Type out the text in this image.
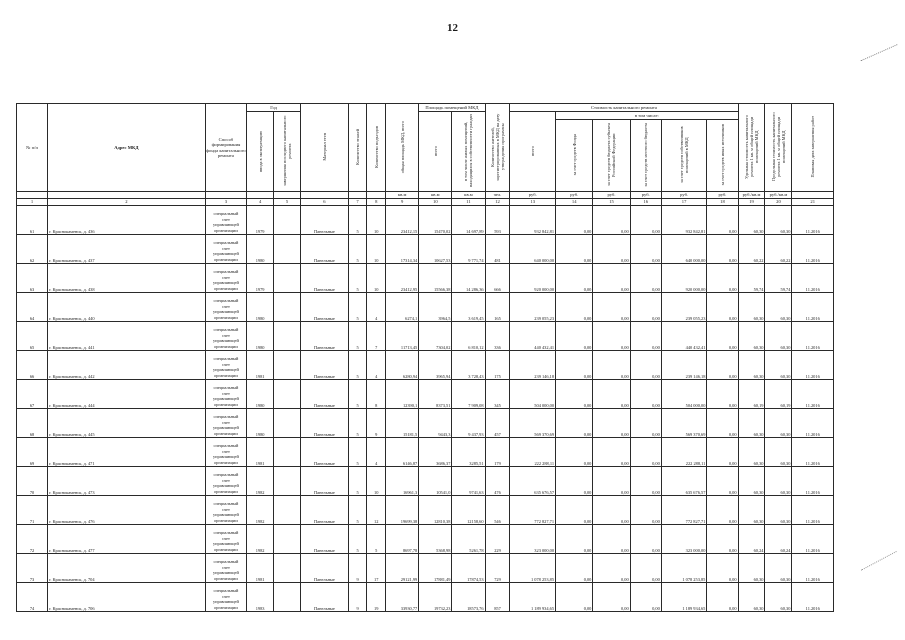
12
№ п/п	Адрес МКД	Способ формирования фонда капитального ремонта	Год		Материал стен	Количество этажей	Количество подъездов	общая площадь МКД, всего	Площадь помещений МКД		Количество жителей, зарегистрированных в МКД на дату утверждения программы	Стоимость капитального ремонта						Удельная стоимость капитального ремонта 1 кв. м общей площади помещений МКД	Предельная стоимость капитального ремонта 1 кв. м общей площади помещений МКД	Плановая дата завершения работ
			ввода в эксплуатацию	завершения последнего капитального ремонта					всего	в том числе жилых помещений, находящихся в собственности граждан		всего	в том числе:							
													за счет средств Фонда	за счет средств бюджета субъекта Российской Федерации	за счет средств местного бюджета	за счет средств собственников помещений в МКД	за счет средств иных источников			
								кв.м	кв.м	кв.м	чел.	руб.	руб.	руб.	руб.	руб.	руб.	руб./кв.м	руб./кв.м	
1	2	3	4	5	6	7	8	9	10	11	12	13	14	15	16	17	18	19	20	21
61	г. Краснокаменск, д. 436	специальный
счет
управляющей
организации	1979		Панельные	5	10	23412,15	15470,02	14 697,89	593	932 842,81	0,00	0,00	0,00	932 842,81	0,00	60,30	60,30	11.2016
62	г. Краснокаменск, д. 437	специальный
счет
управляющей
организации	1980		Панельные	5	10	17314,34	10627,53	9 771,74	481	640 000,00	0,00	0,00	0,00	640 000,00	0,00	60,22	60,22	11.2016
63	г. Краснокаменск, д. 438	специальный
счет
управляющей
организации	1979		Панельные	5	10	23412,95	15566,38	14 286,36	666	920 000,00	0,00	0,00	0,00	920 000,00	0,00	59,74	59,74	11.2016
64	г. Краснокаменск, д. 440	специальный
счет
управляющей
организации	1980		Панельные	5	4	6274,1	3964,5	3 619,45	165	239 055,23	0,00	0,00	0,00	239 055,23	0,00	60,30	60,30	11.2016
65	г. Краснокаменск, д. 441	специальный
счет
управляющей
организации	1980		Панельные	5	7	11713,45	7304,02	6 810,12	336	440 432,41	0,00	0,00	0,00	440 432,41	0,00	60,30	60,30	11.2016
66	г. Краснокаменск, д. 442	специальный
счет
управляющей
организации	1981		Панельные	5	4	6280,94	3965,94	3 728,43	175	239 146,18	0,00	0,00	0,00	239 146,18	0,00	60,30	60,30	11.2016
67	г. Краснокаменск, д. 444	специальный
счет
управляющей
организации	1980		Панельные	5	8	12390,1	8373,51	7 909,08	345	504 000,00	0,00	0,00	0,00	504 000,00	0,00	60,19	60,19	11.2016
68	г. Краснокаменск, д. 445	специальный
счет
управляющей
организации	1980		Панельные	5	9	15181,5	9443,3	9 437,93	457	569 370,69	0,00	0,00	0,00	569 370,69	0,00	60,30	60,30	11.2016
69	г. Краснокаменск, д. 471	специальный
счет
управляющей
организации	1981		Панельные	5	4	6146,87	3686,37	3285,51	179	222 288,11	0,00	0,00	0,00	222 288,11	0,00	60,30	60,30	11.2016
70	г. Краснокаменск, д. 473	специальный
счет
управляющей
организации	1982		Панельные	5	10	16961,3	10541,0	9741,63	476	635 676,57	0,00	0,00	0,00	635 676,57	0,00	60,30	60,30	11.2016
71	г. Краснокаменск, д. 476	специальный
счет
управляющей
организации	1982		Панельные	5	12	19699,38	12810,38	12158,60	546	772 827,71	0,00	0,00	0,00	772 827,71	0,00	60,30	60,30	11.2016
72	г. Краснокаменск, д. 477	специальный
счет
управляющей
организации	1982		Панельные	5	5	8697,78	5368,98	5261,78	229	323 000,00	0,00	0,00	0,00	323 000,00	0,00	60,24	60,24	11.2016
73	г. Краснокаменск, д. 704	специальный
счет
управляющей
организации	1981		Панельные	9	17	29121,99	17881,49	17874,53	729	1 078 253,85	0,00	0,00	0,00	1 078 253,85	0,00	60,30	60,30	11.2016
74	г. Краснокаменск, д. 706	специальный
счет
управляющей
организации	1983		Панельные	9	19	33930,77	19732,23	18573,76	857	1 189 934,65	0,00	0,00	0,00	1 189 934,65	0,00	60,30	60,30	11.2016
